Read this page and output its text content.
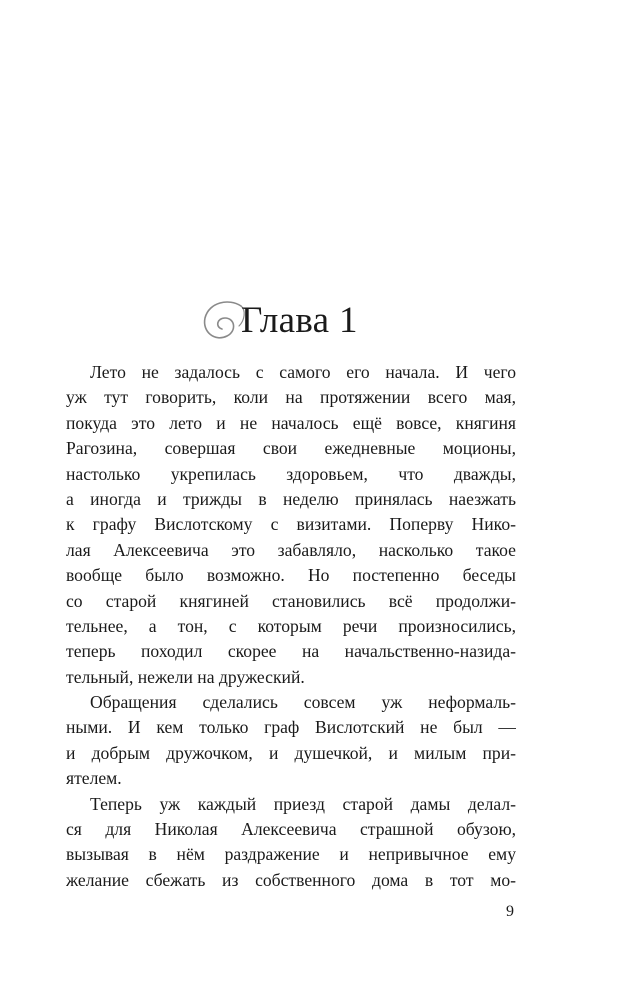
Глава 1
Лето не задалось с самого его начала. И чего
уж тут говорить, коли на протяжении всего мая,
покуда это лето и не началось ещё вовсе, княгиня
Рагозина, совершая свои ежедневные моционы,
настолько укрепилась здоровьем, что дважды,
а иногда и трижды в неделю принялась наезжать
к графу Вислотскому с визитами. Поперву Нико-
лая Алексеевича это забавляло, насколько такое
вообще было возможно. Но постепенно беседы
со старой княгиней становились всё продолжи-
тельнее, а тон, с которым речи произносились,
теперь походил скорее на начальственно-назида-
тельный, нежели на дружеский.
Обращения сделались совсем уж неформаль-
ными. И кем только граф Вислотский не был —
и добрым дружочком, и душечкой, и милым при-
ятелем.
Теперь уж каждый приезд старой дамы делал-
ся для Николая Алексеевича страшной обузою,
вызывая в нём раздражение и непривычное ему
желание сбежать из собственного дома в тот мо-
9
